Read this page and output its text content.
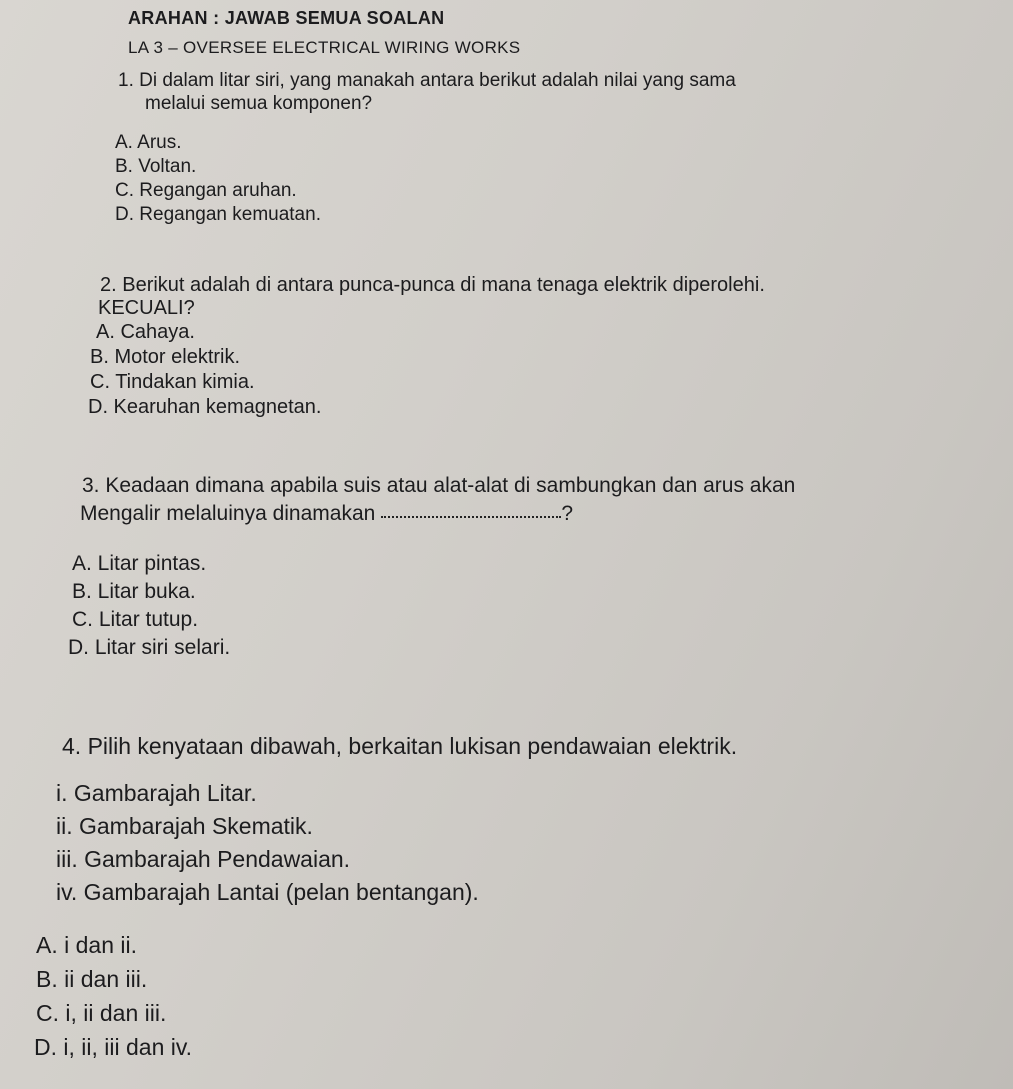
​
ARAHAN : JAWAB SEMUA SOALAN
LA 3 – OVERSEE ELECTRICAL WIRING WORKS
1. Di dalam litar siri, yang manakah antara berikut adalah nilai yang sama
melalui semua komponen?
A. Arus.
B. Voltan.
C. Regangan aruhan.
D. Regangan kemuatan.
2. Berikut adalah di antara punca-punca di mana tenaga elektrik diperolehi.
KECUALI?
A. Cahaya.
B. Motor elektrik.
C. Tindakan kimia.
D. Kearuhan kemagnetan.
3. Keadaan dimana apabila suis atau alat-alat di sambungkan dan arus akan
Mengalir melaluinya dinamakan	?
A. Litar pintas.
B. Litar buka.
C. Litar tutup.
D. Litar siri selari.
4. Pilih kenyataan dibawah, berkaitan lukisan pendawaian elektrik.
i. Gambarajah Litar.
ii. Gambarajah Skematik.
iii. Gambarajah Pendawaian.
iv. Gambarajah Lantai (pelan bentangan).
A. i dan ii.
B. ii dan iii.
C. i, ii dan iii.
D. i, ii, iii dan iv.
